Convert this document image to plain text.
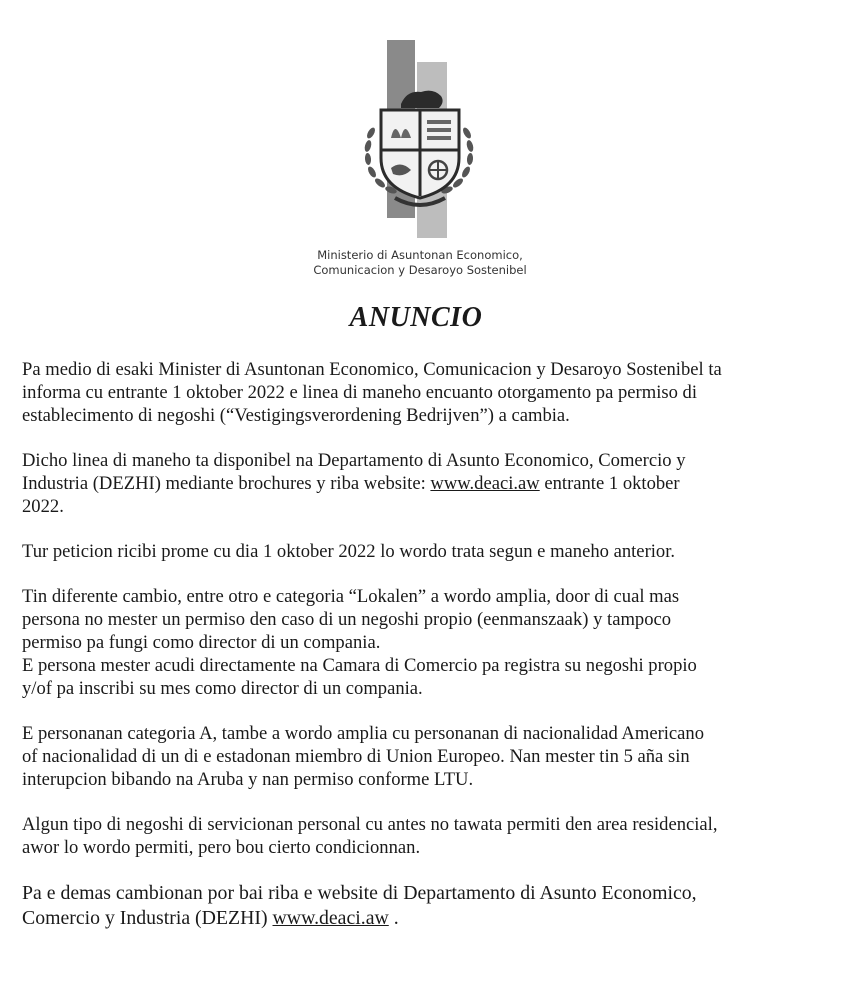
Ministerio di Asuntonan Economico,
Comunicacion y Desaroyo Sostenibel
ANUNCIO
Pa medio di esaki Minister di Asuntonan Economico, Comunicacion y Desaroyo Sostenibel ta
informa cu entrante 1 oktober 2022 e linea di maneho encuanto otorgamento pa permiso di
establecimento di negoshi (“Vestigingsverordening Bedrijven”) a cambia.
Dicho linea di maneho ta disponibel na Departamento di Asunto Economico, Comercio y
Industria (DEZHI) mediante brochures y riba website: www.deaci.aw entrante 1 oktober
2022.
Tur peticion ricibi prome cu dia 1 oktober 2022 lo wordo trata segun e maneho anterior.
Tin diferente cambio, entre otro e categoria “Lokalen” a wordo amplia, door di cual mas
persona no mester un permiso den caso di un negoshi propio (eenmanszaak) y tampoco
permiso pa fungi como director di un compania.
E persona mester acudi directamente na Camara di Comercio pa registra su negoshi propio
y/of pa inscribi su mes como director di un compania.
E personanan categoria A, tambe a wordo amplia cu personanan di nacionalidad Americano
of nacionalidad di un di e estadonan miembro di Union Europeo. Nan mester tin 5 aña sin
interupcion bibando na Aruba y nan permiso conforme LTU.
Algun tipo di negoshi di servicionan personal cu antes no tawata permiti den area residencial,
awor lo wordo permiti, pero bou cierto condicionnan.
Pa e demas cambionan por bai riba e website di Departamento di Asunto Economico,
Comercio y Industria (DEZHI) www.deaci.aw .
